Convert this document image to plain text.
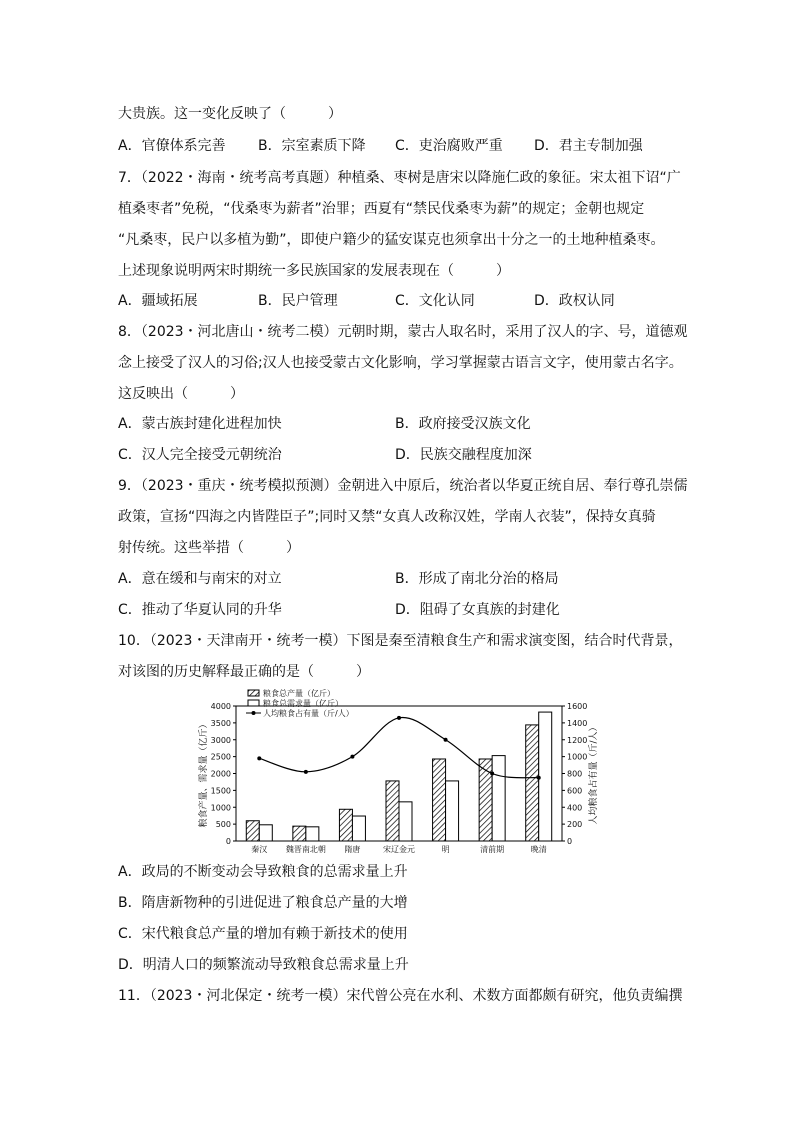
大贵族。这一变化反映了（　　　）
A．官僚体系完善 B．宗室素质下降 C．吏治腐败严重 D．君主专制加强
7．（2022・海南・统考高考真题）种植桑、枣树是唐宋以降施仁政的象征。宋太祖下诏“广
植桑枣者”免税，“伐桑枣为薪者”治罪；西夏有“禁民伐桑枣为薪”的规定；金朝也规定
“凡桑枣，民户以多植为勤”，即使户籍少的猛安谋克也须拿出十分之一的土地种植桑枣。
上述现象说明两宋时期统一多民族国家的发展表现在（　　　）
A．疆域拓展	B．民户管理	C．文化认同	D．政权认同
8．（2023・河北唐山・统考二模）元朝时期，蒙古人取名时，采用了汉人的字、号，道德观
念上接受了汉人的习俗;汉人也接受蒙古文化影响，学习掌握蒙古语言文字，使用蒙古名字。
这反映出（　　　）
A．蒙古族封建化进程加快	B．政府接受汉族文化
C．汉人完全接受元朝统治	D．民族交融程度加深
9．（2023・重庆・统考模拟预测）金朝进入中原后，统治者以华夏正统自居、奉行尊孔崇儒
政策，宣扬“四海之内皆陛臣子”;同时又禁“女真人改称汉姓，学南人衣装”，保持女真骑
射传统。这些举措（　　　）
A．意在缓和与南宋的对立	B．形成了南北分治的格局
C．推动了华夏认同的升华	D．阻碍了女真族的封建化
10．（2023・天津南开・统考一模）下图是秦至清粮食生产和需求演变图，结合时代背景，
对该图的历史解释最正确的是（　　　）
0
500
1000
1500
2000
2500
3000
3500
4000
0
200
400
600
800
1000
1200
1400
1600
粮食产量、需求量（亿斤）	人均粮食占有量（斤/人）
秦汉 魏晋南北朝 隋唐	宋辽金元	明	清前期	晚清
粮食总产量（亿斤）
粮食总需求量（亿斤）
人均粮食占有量（斤/人）
A．政局的不断变动会导致粮食的总需求量上升
B．隋唐新物种的引进促进了粮食总产量的大增
C．宋代粮食总产量的增加有赖于新技术的使用
D．明清人口的频繁流动导致粮食总需求量上升
11．（2023・河北保定・统考一模）宋代曾公亮在水利、术数方面都颇有研究，他负责编撰
